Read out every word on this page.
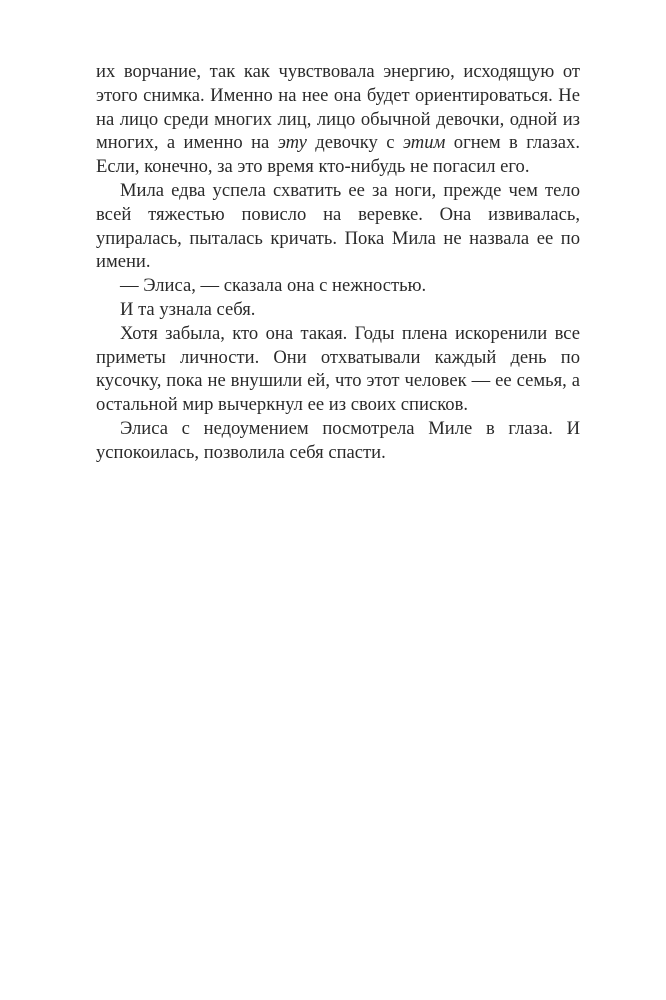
их ворчание, так как чувствовала энергию, исходящую от этого снимка. Именно на нее она будет ориентироваться. Не на лицо среди многих лиц, лицо обычной девочки, одной из многих, а именно на эту девочку с этим огнем в глазах. Если, конечно, за это время кто-нибудь не погасил его.

Мила едва успела схватить ее за ноги, прежде чем тело всей тяжестью повисло на веревке. Она извивалась, упиралась, пыталась кричать. Пока Мила не назвала ее по имени.

— Элиса, — сказала она с нежностью.

И та узнала себя.

Хотя забыла, кто она такая. Годы плена искоренили все приметы личности. Они отхватывали каждый день по кусочку, пока не внушили ей, что этот человек — ее семья, а остальной мир вычеркнул ее из своих списков.

Элиса с недоумением посмотрела Миле в глаза. И успокоилась, позволила себя спасти.
